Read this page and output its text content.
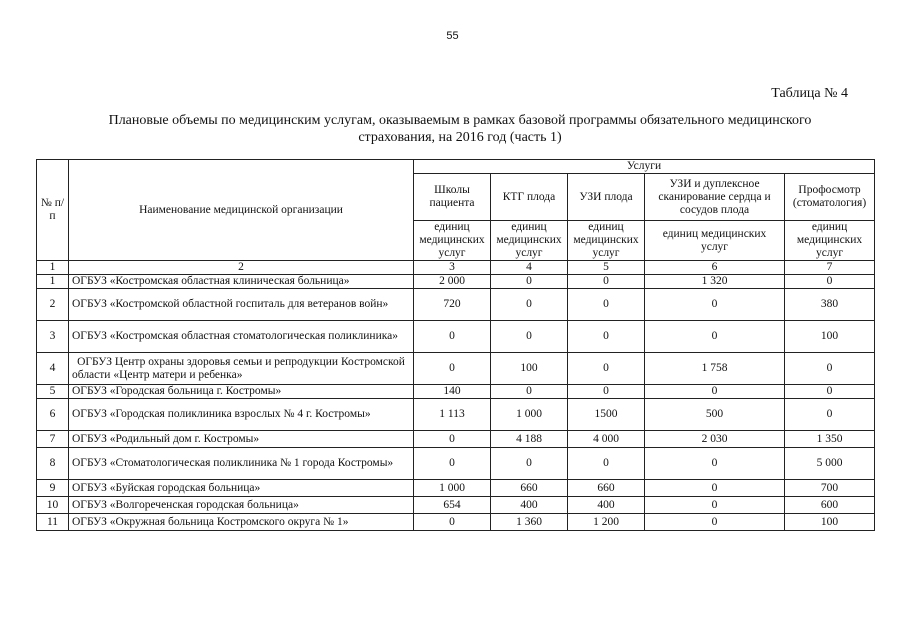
55
Таблица № 4
Плановые объемы по медицинским услугам, оказываемым в рамках базовой программы обязательного медицинского
страхования, на 2016 год (часть 1)
№ п/п	Наименование медицинской организации	Услуги				
		Школы пациента	КТГ плода	УЗИ плода	УЗИ и дуплексное сканирование сердца и сосудов плода	Профосмотр
(стоматология)

		единиц медицинских услуг	единиц медицинских услуг	единиц медицинских услуг	единиц медицинских услуг	единиц медицинских услуг
1	2	3	4	5	6	7
1	ОГБУЗ «Костромская областная клиническая больница»	2 000	0	0	1 320	0
2	ОГБУЗ «Костромской областной госпиталь для ветеранов войн»	720	0	0	0	380
3	ОГБУЗ «Костромская областная стоматологическая поликлиника»	0	0	0	0	100
4	ОГБУЗ Центр охраны здоровья семьи и репродукции Костромской области «Центр матери и ребенка»	0	100	0	1 758	0
5	ОГБУЗ «Городская больница г. Костромы»	140	0	0	0	0
6	ОГБУЗ «Городская поликлиника взрослых № 4 г. Костромы»	1 113	1 000	1500	500	0
7	ОГБУЗ «Родильный дом г. Костромы»	0	4 188	4 000	2 030	1 350
8	ОГБУЗ «Стоматологическая поликлиника № 1 города Костромы»	0	0	0	0	5 000
9	ОГБУЗ «Буйская городская больница»	1 000	660	660	0	700
10	ОГБУЗ «Волгореченская городская больница»	654	400	400	0	600
11	ОГБУЗ «Окружная больница Костромского округа № 1»	0	1 360	1 200	0	100
